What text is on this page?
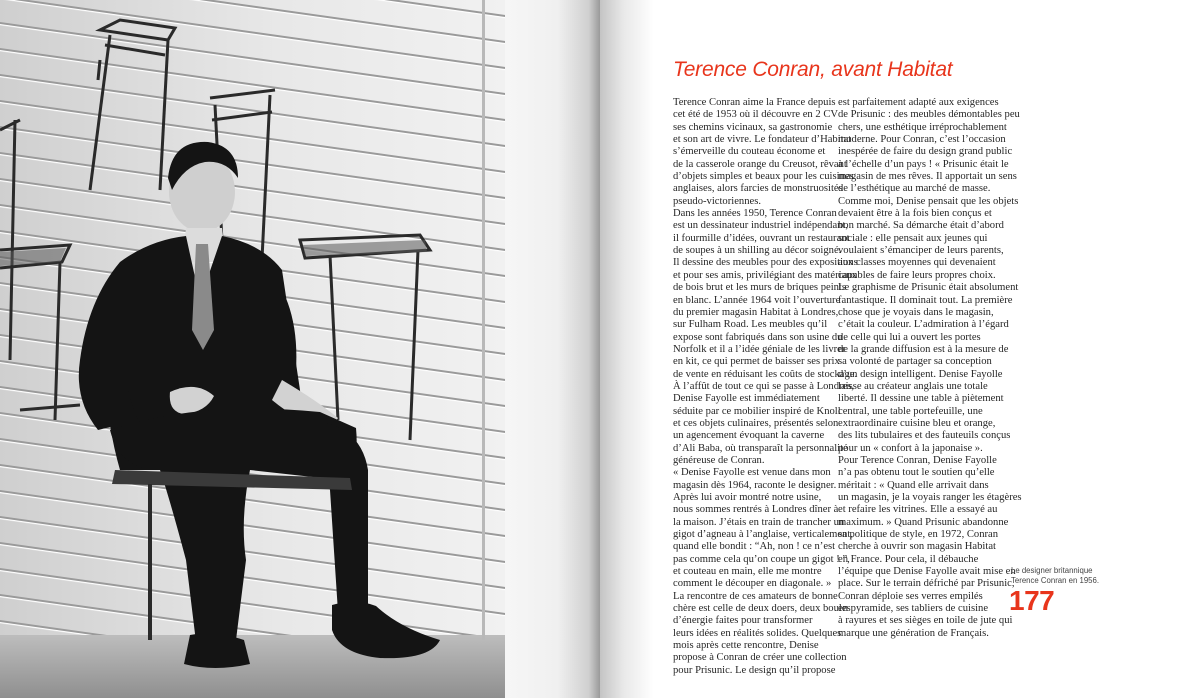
Terence Conran, avant Habitat

Terence Conran aime la France depuis

cet été de 1953 où il découvre en 2 CV

ses chemins vicinaux, sa gastronomie

et son art de vivre. Le fondateur d’Habitat

s’émerveille du couteau économe et

de la casserole orange du Creusot, rêvant

d’objets simples et beaux pour les cuisines

anglaises, alors farcies de monstruosités

pseudo-victoriennes.

Dans les années 1950, Terence Conran

est un dessinateur industriel indépendant,

il fourmille d’idées, ouvrant un restaurant

de soupes à un shilling au décor soigné.

Il dessine des meubles pour des expositions

et pour ses amis, privilégiant des matériaux

de bois brut et les murs de briques peints

en blanc. L’année 1964 voit l’ouverture

du premier magasin Habitat à Londres,

sur Fulham Road. Les meubles qu’il

expose sont fabriqués dans son usine du

Norfolk et il a l’idée géniale de les livrer

en kit, ce qui permet de baisser ses prix

de vente en réduisant les coûts de stockage.

À l’affût de tout ce qui se passe à Londres,

Denise Fayolle est immédiatement

séduite par ce mobilier inspiré de Knoll

et ces objets culinaires, présentés selon

un agencement évoquant la caverne

d’Ali Baba, où transparaît la personnalité

généreuse de Conran.

« Denise Fayolle est venue dans mon

magasin dès 1964, raconte le designer.

Après lui avoir montré notre usine,

nous sommes rentrés à Londres dîner à

la maison. J’étais en train de trancher un

gigot d’agneau à l’anglaise, verticalement,

quand elle bondit : “Ah, non ! ce n’est

pas comme cela qu’on coupe un gigot ! ”,

et couteau en main, elle me montre

comment le découper en diagonale. »

La rencontre de ces amateurs de bonne

chère est celle de deux doers, deux boules

d’énergie faites pour transformer

leurs idées en réalités solides. Quelques

mois après cette rencontre, Denise

propose à Conran de créer une collection

pour Prisunic. Le design qu’il propose

est parfaitement adapté aux exigences

de Prisunic : des meubles démontables peu

chers, une esthétique irréprochablement

moderne. Pour Conran, c’est l’occasion

inespérée de faire du design grand public

à l’échelle d’un pays ! « Prisunic était le

magasin de mes rêves. Il apportait un sens

de l’esthétique au marché de masse.

Comme moi, Denise pensait que les objets

devaient être à la fois bien conçus et

bon marché. Sa démarche était d’abord

sociale : elle pensait aux jeunes qui

voulaient s’émanciper de leurs parents,

aux classes moyennes qui devenaient

capables de faire leurs propres choix.

Le graphisme de Prisunic était absolument

fantastique. Il dominait tout. La première

chose que je voyais dans le magasin,

c’était la couleur. L’admiration à l’égard

de celle qui lui a ouvert les portes

de la grande diffusion est à la mesure de

sa volonté de partager sa conception

d’un design intelligent. Denise Fayolle

laisse au créateur anglais une totale

liberté. Il dessine une table à piètement

central, une table portefeuille, une

extraordinaire cuisine bleu et orange,

des lits tubulaires et des fauteuils conçus

pour un « confort à la japonaise ».

Pour Terence Conran, Denise Fayolle

n’a pas obtenu tout le soutien qu’elle

méritait : « Quand elle arrivait dans

un magasin, je la voyais ranger les étagères

et refaire les vitrines. Elle a essayé au

maximum. » Quand Prisunic abandonne

sa politique de style, en 1972, Conran

cherche à ouvrir son magasin Habitat

en France. Pour cela, il débauche

l’équipe que Denise Fayolle avait mise en

place. Sur le terrain défriché par Prisunic,

Conran déploie ses verres empilés

en pyramide, ses tabliers de cuisine

à rayures et ses sièges en toile de jute qui

marque une génération de Français.

Le designer britannique
Terence Conran en 1956.
177
